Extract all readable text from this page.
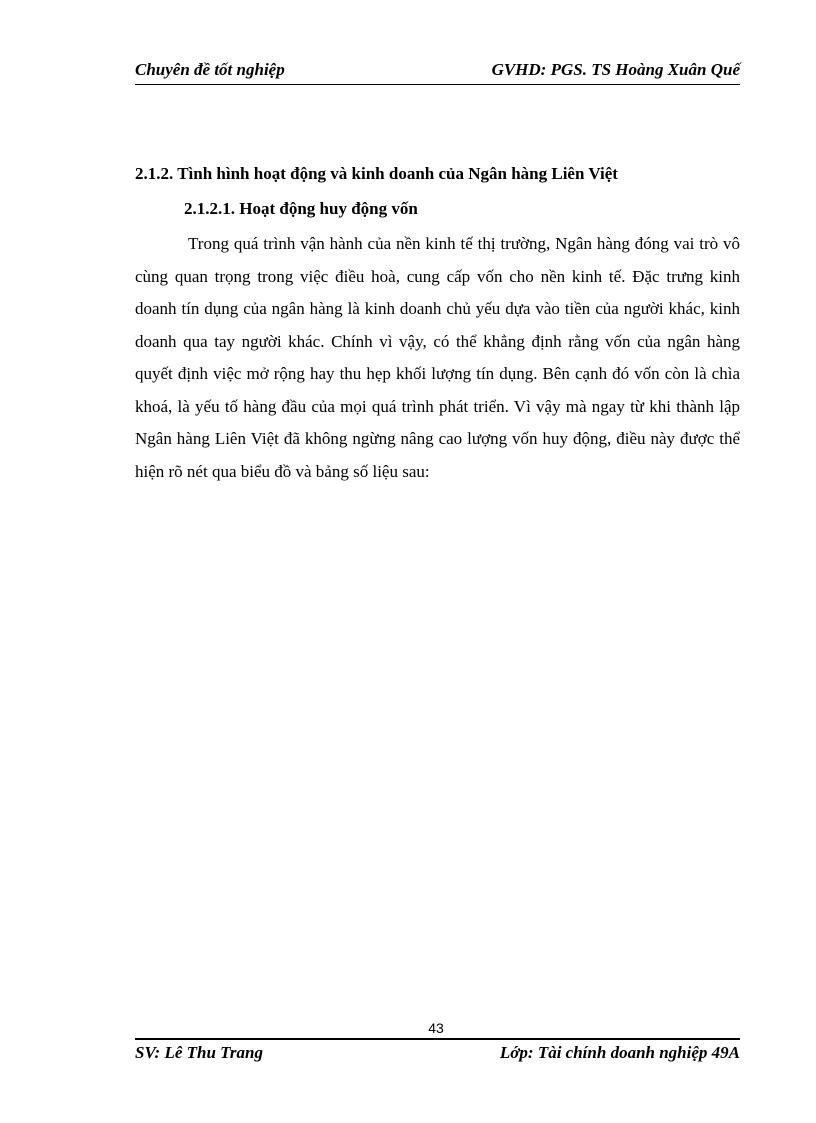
Chuyên đề tốt nghiệp	GVHD: PGS. TS Hoàng Xuân Quế
2.1.2. Tình hình hoạt động và kinh doanh của Ngân hàng Liên Việt
2.1.2.1. Hoạt động huy động vốn

Trong quá trình vận hành của nền kinh tế thị trường, Ngân hàng đóng vai trò vô cùng quan trọng trong việc điều hoà, cung cấp vốn cho nền kinh tế. Đặc trưng kinh doanh tín dụng của ngân hàng là kinh doanh chủ yếu dựa vào tiền của người khác, kinh doanh qua tay người khác. Chính vì vậy, có thể khẳng định rằng vốn của ngân hàng quyết định việc mở rộng hay thu hẹp khối lượng tín dụng. Bên cạnh đó vốn còn là chìa khoá, là yếu tố hàng đầu của mọi quá trình phát triển. Vì vậy mà ngay từ khi thành lập Ngân hàng Liên Việt đã không ngừng nâng cao lượng vốn huy động, điều này được thể hiện rõ nét qua biểu đồ và bảng số liệu sau:

43
SV: Lê Thu Trang	Lớp: Tài chính doanh nghiệp 49A
